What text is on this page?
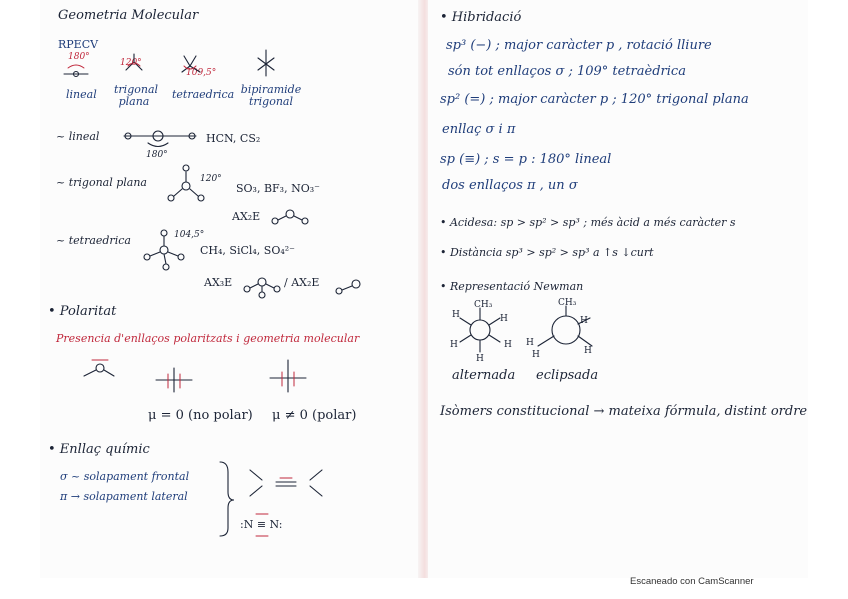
Geometria Molecular
RPECV
180°
120°
109,5°
lineal trigonal plana
tetraedrica bipiramide trigonal
~ lineal	HCN, CS₂
180°
~ trigonal plana	120°
SO₃, BF₃, NO₃⁻
AX₂E
~ tetraedrica	104,5°
CH₄, SiCl₄, SO₄²⁻
AX₃E	/ AX₂E
• Polaritat
Presencia d'enllaços polaritzats i geometria molecular
μ = 0 (no polar) μ ≠ 0 (polar)
• Enllaç químic
σ ~ solapament frontal
π → solapament lateral
:N ≡ N:
• Hibridació
sp³ (−) ; major caràcter p , rotació lliure
són tot enllaços σ ; 109° tetraèdrica
sp² (=) ; major caràcter p ; 120° trigonal plana
enllaç σ i π
sp (≡) ; s = p : 180° lineal
dos enllaços π , un σ
• Acidesa: sp > sp² > sp³ ; més àcid a més caràcter s
• Distància sp³ > sp² > sp³ a ↑s ↓curt
• Representació Newman
CH₃	CH₃
H	H
H	H
H
H
H	H
H
alternada eclipsada
Isòmers constitucional → mateixa fórmula, distint ordre
Escaneado con CamScanner
